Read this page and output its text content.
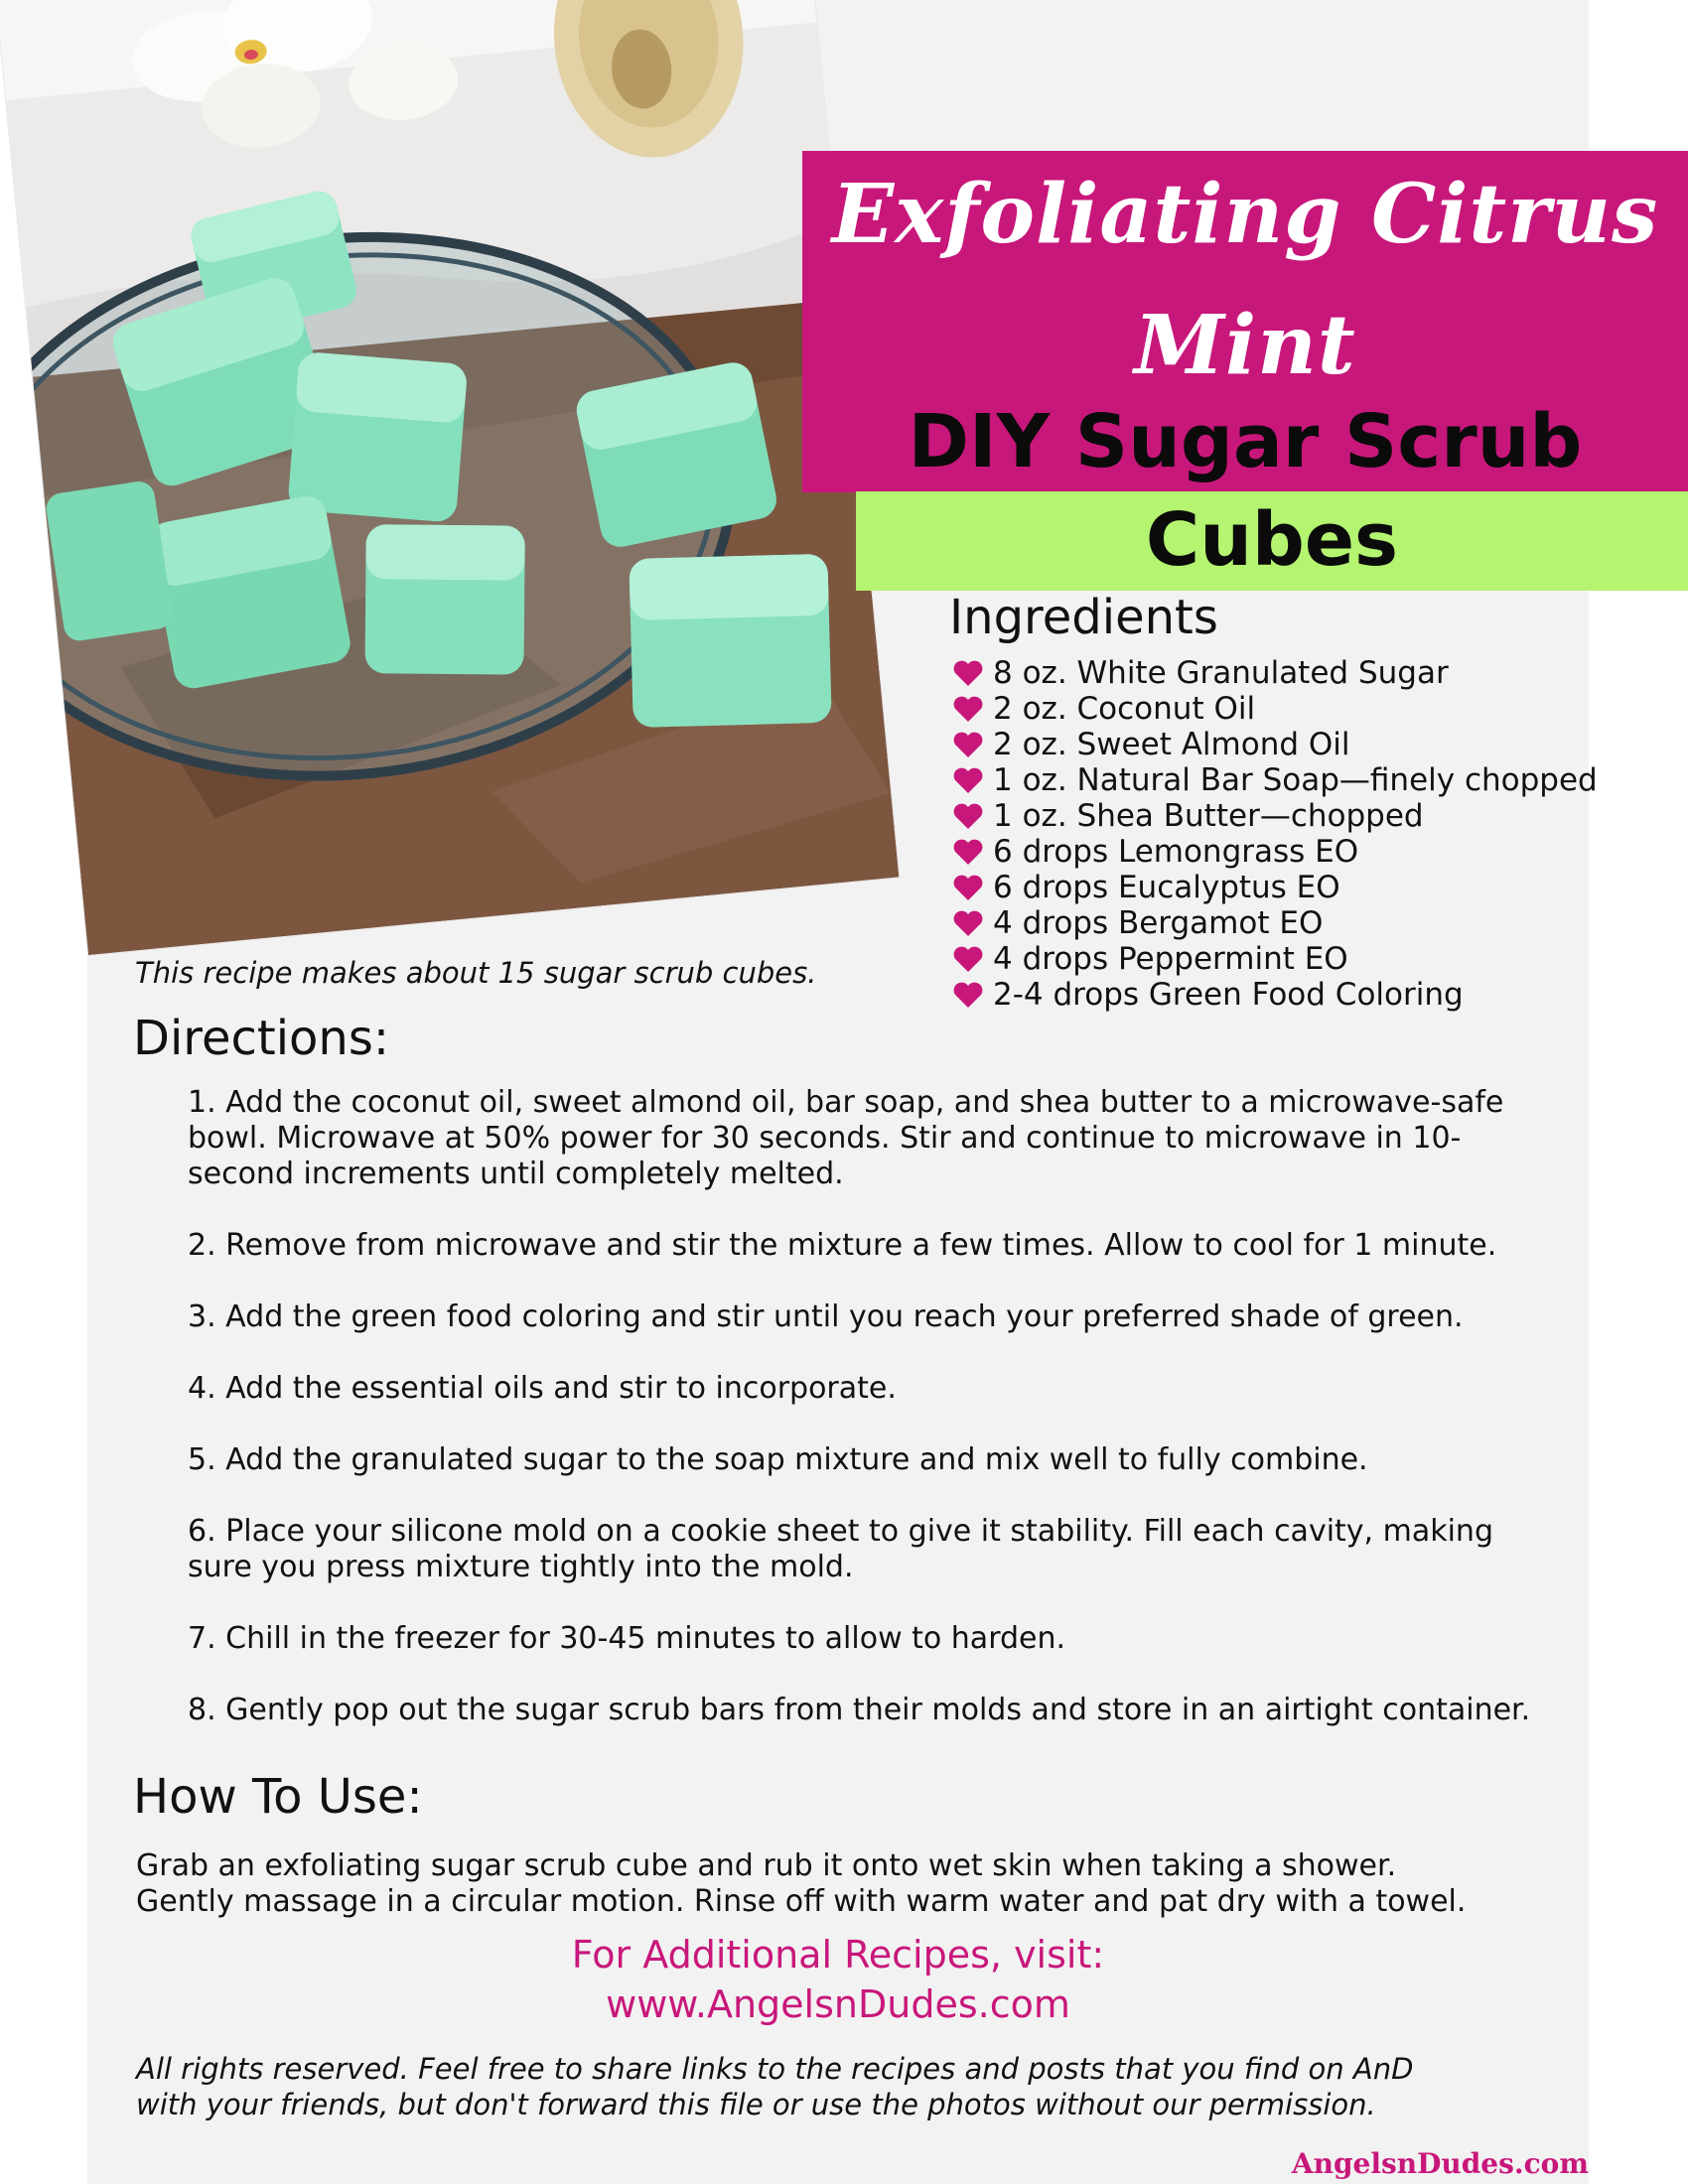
Exfoliating Citrus
Mint
DIY Sugar Scrub
Cubes
Ingredients
8 oz. White Granulated Sugar
2 oz. Coconut Oil
2 oz. Sweet Almond Oil
1 oz. Natural Bar Soap—finely chopped
1 oz. Shea Butter—chopped
6 drops Lemongrass EO
6 drops Eucalyptus EO
4 drops Bergamot EO
4 drops Peppermint EO
2-4 drops Green Food Coloring
This recipe makes about 15 sugar scrub cubes.
Directions:
1. Add the coconut oil, sweet almond oil, bar soap, and shea butter to a microwave-safe bowl. Microwave at 50% power for 30 seconds. Stir and continue to microwave in 10-second increments until completely melted.
2. Remove from microwave and stir the mixture a few times. Allow to cool for 1 minute.
3. Add the green food coloring and stir until you reach your preferred shade of green.
4. Add the essential oils and stir to incorporate.
5. Add the granulated sugar to the soap mixture and mix well to fully combine.
6. Place your silicone mold on a cookie sheet to give it stability. Fill each cavity, making sure you press mixture tightly into the mold.
7. Chill in the freezer for 30-45 minutes to allow to harden.
8. Gently pop out the sugar scrub bars from their molds and store in an airtight container.
How To Use:
Grab an exfoliating sugar scrub cube and rub it onto wet skin when taking a shower.
Gently massage in a circular motion. Rinse off with warm water and pat dry with a towel.
For Additional Recipes, visit:
www.AngelsnDudes.com
All rights reserved. Feel free to share links to the recipes and posts that you find on AnD
with your friends, but don't forward this file or use the photos without our permission.
AngelsnDudes.com
